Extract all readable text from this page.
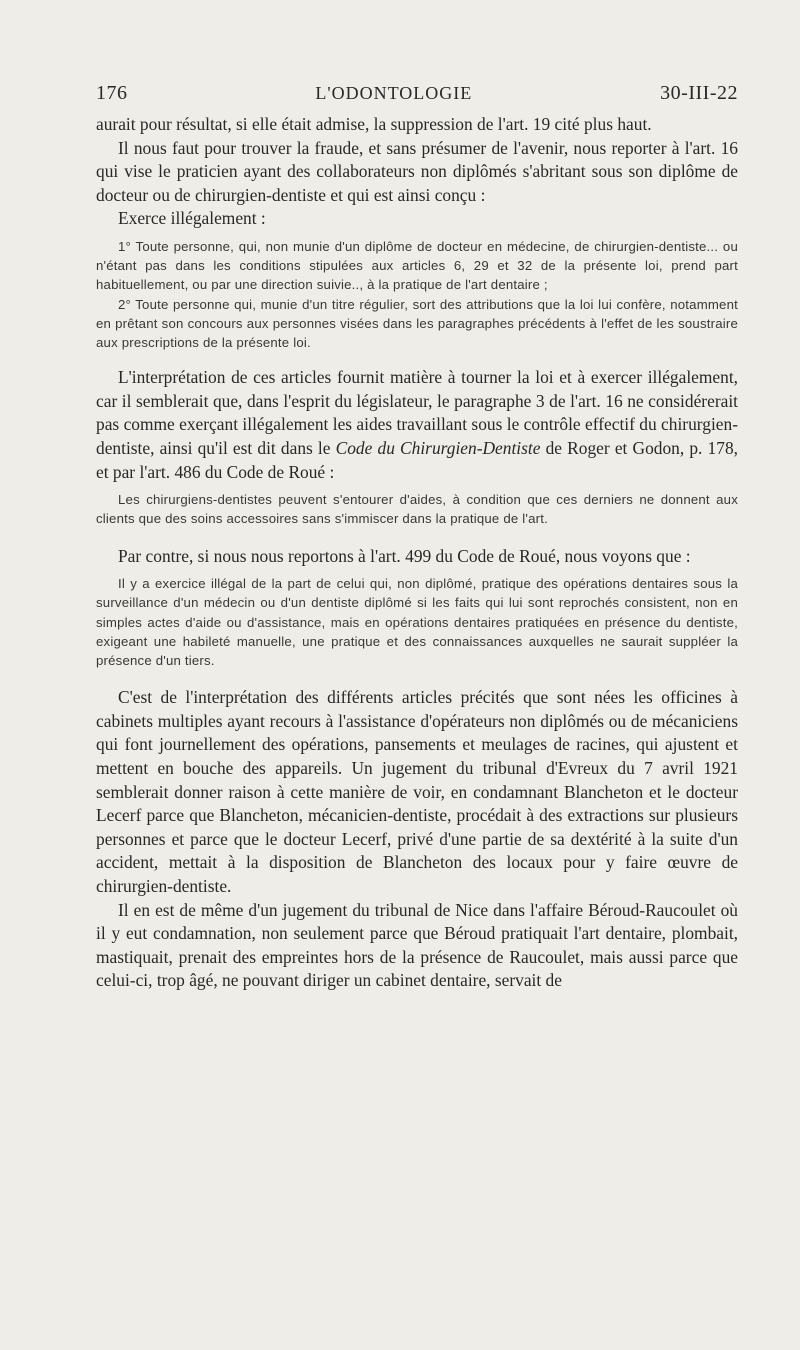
176	L'ODONTOLOGIE	30-III-22

aurait pour résultat, si elle était admise, la suppression de l'art. 19 cité plus haut.

Il nous faut pour trouver la fraude, et sans présumer de l'avenir, nous reporter à l'art. 16 qui vise le praticien ayant des collaborateurs non diplômés s'abritant sous son diplôme de docteur ou de chirurgien-dentiste et qui est ainsi conçu :

Exerce illégalement :

1° Toute personne, qui, non munie d'un diplôme de docteur en médecine, de chirurgien-dentiste... ou n'étant pas dans les conditions stipulées aux articles 6, 29 et 32 de la présente loi, prend part habituellement, ou par une direction suivie.., à la pratique de l'art dentaire ;

2° Toute personne qui, munie d'un titre régulier, sort des attributions que la loi lui confère, notamment en prêtant son concours aux personnes visées dans les paragraphes précédents à l'effet de les soustraire aux prescriptions de la présente loi.

L'interprétation de ces articles fournit matière à tourner la loi et à exercer illégalement, car il semblerait que, dans l'esprit du législateur, le paragraphe 3 de l'art. 16 ne considérerait pas comme exerçant illégalement les aides travaillant sous le contrôle effectif du chirurgien-dentiste, ainsi qu'il est dit dans le Code du Chirurgien-Dentiste de Roger et Godon, p. 178, et par l'art. 486 du Code de Roué :

Les chirurgiens-dentistes peuvent s'entourer d'aides, à condition que ces derniers ne donnent aux clients que des soins accessoires sans s'immiscer dans la pratique de l'art.

Par contre, si nous nous reportons à l'art. 499 du Code de Roué, nous voyons que :

Il y a exercice illégal de la part de celui qui, non diplômé, pratique des opérations dentaires sous la surveillance d'un médecin ou d'un dentiste diplômé si les faits qui lui sont reprochés consistent, non en simples actes d'aide ou d'assistance, mais en opérations dentaires pratiquées en présence du dentiste, exigeant une habileté manuelle, une pratique et des connaissances auxquelles ne saurait suppléer la présence d'un tiers.

C'est de l'interprétation des différents articles précités que sont nées les officines à cabinets multiples ayant recours à l'assistance d'opérateurs non diplômés ou de mécaniciens qui font journellement des opérations, pansements et meulages de racines, qui ajustent et mettent en bouche des appareils. Un jugement du tribunal d'Evreux du 7 avril 1921 semblerait donner raison à cette manière de voir, en condamnant Blancheton et le docteur Lecerf parce que Blancheton, mécanicien-dentiste, procédait à des extractions sur plusieurs personnes et parce que le docteur Lecerf, privé d'une partie de sa dextérité à la suite d'un accident, mettait à la disposition de Blancheton des locaux pour y faire œuvre de chirurgien-dentiste.

Il en est de même d'un jugement du tribunal de Nice dans l'affaire Béroud-Raucoulet où il y eut condamnation, non seulement parce que Béroud pratiquait l'art dentaire, plombait, mastiquait, prenait des empreintes hors de la présence de Raucoulet, mais aussi parce que celui-ci, trop âgé, ne pouvant diriger un cabinet dentaire, servait de
